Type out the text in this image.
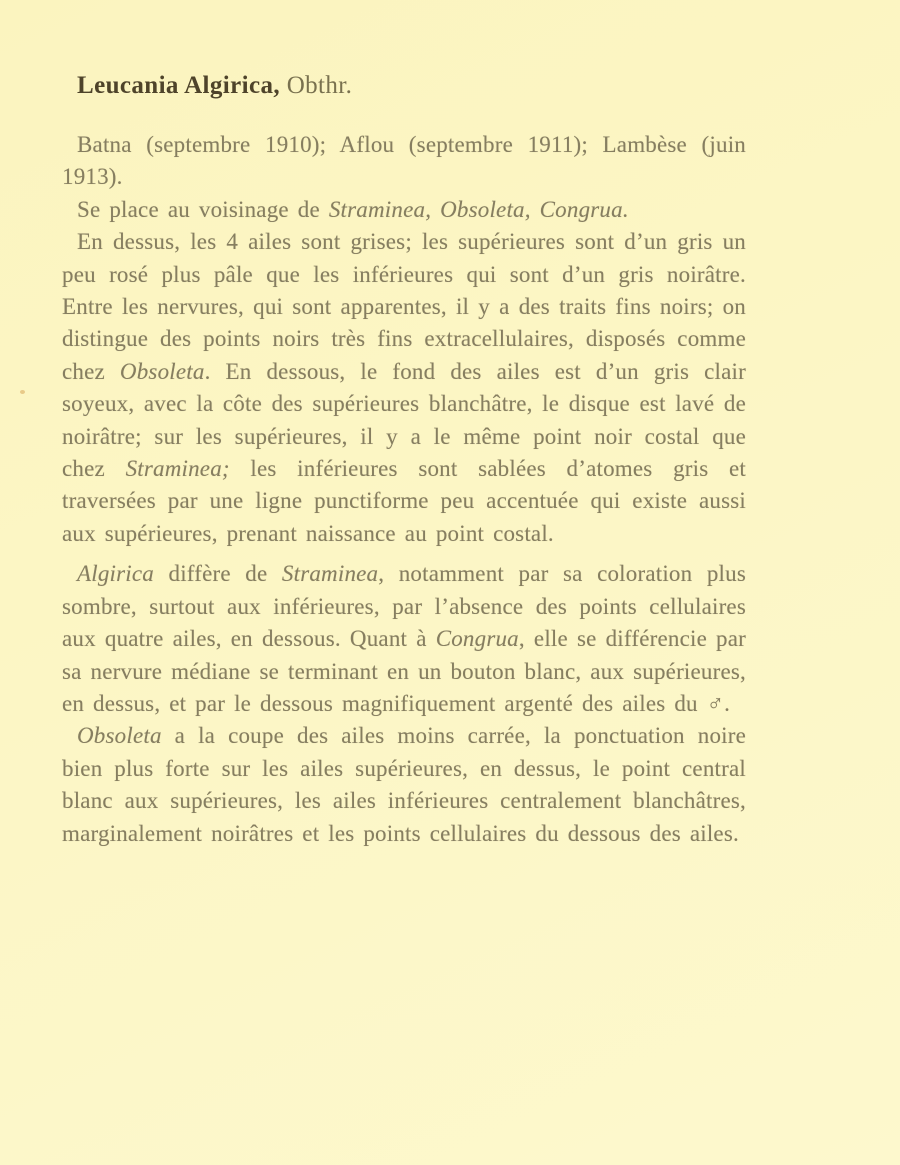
Leucania Algirica, Obthr.

Batna (septembre 1910); Aflou (septembre 1911); Lambèse (juin 1913).

Se place au voisinage de Straminea, Obsoleta, Congrua.

En dessus, les 4 ailes sont grises; les supérieures sont d’un gris un peu rosé plus pâle que les inférieures qui sont d’un gris noirâtre. Entre les nervures, qui sont apparentes, il y a des traits fins noirs; on distingue des points noirs très fins extracellulaires, disposés comme chez Obsoleta. En dessous, le fond des ailes est d’un gris clair soyeux, avec la côte des supérieures blanchâtre, le disque est lavé de noirâtre; sur les supérieures, il y a le même point noir costal que chez Straminea; les inférieures sont sablées d’atomes gris et traversées par une ligne punctiforme peu accentuée qui existe aussi aux supérieures, prenant naissance au point costal.

Algirica diffère de Straminea, notamment par sa coloration plus sombre, surtout aux inférieures, par l’absence des points cellulaires aux quatre ailes, en dessous. Quant à Congrua, elle se différencie par sa nervure médiane se terminant en un bouton blanc, aux supérieures, en dessus, et par le dessous magnifiquement argenté des ailes du ♂.

Obsoleta a la coupe des ailes moins carrée, la ponctuation noire bien plus forte sur les ailes supérieures, en dessus, le point central blanc aux supérieures, les ailes inférieures centralement blanchâtres, marginalement noirâtres et les points cellulaires du dessous des ailes.
